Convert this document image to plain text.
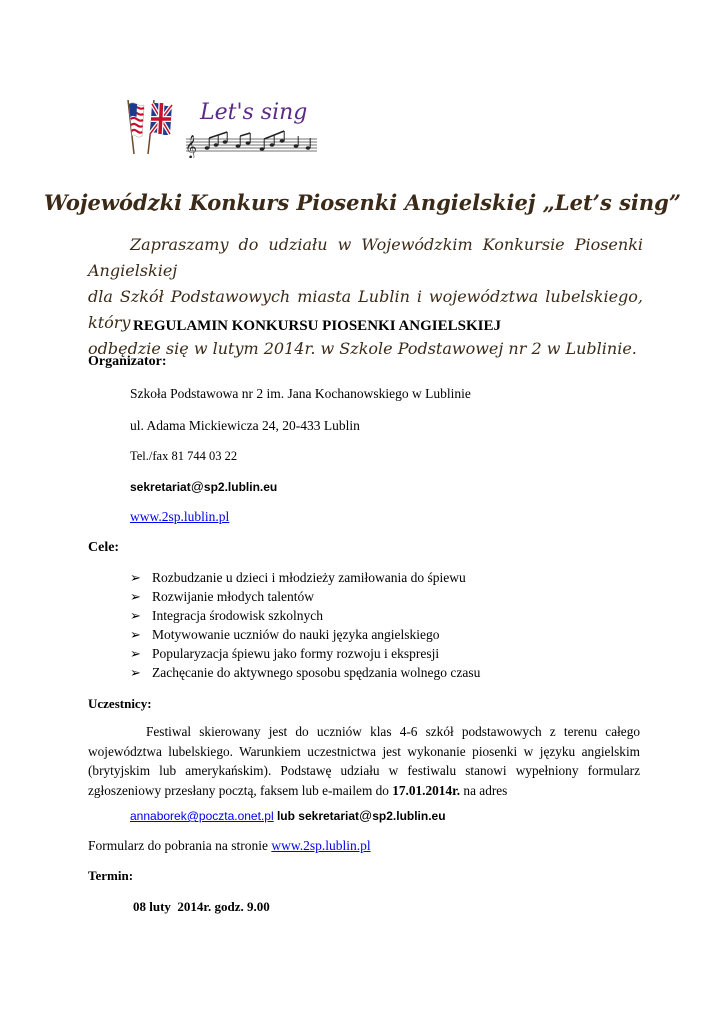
𝄞
Let's sing
Wojewódzki Konkurs Piosenki Angielskiej „Let’s sing”
Zapraszamy do udziału w Wojewódzkim Konkursie Piosenki Angielskiej
dla Szkół Podstawowych miasta Lublin i województwa lubelskiego, który
odbędzie się w lutym 2014r. w Szkole Podstawowej nr 2 w Lublinie.
REGULAMIN KONKURSU PIOSENKI ANGIELSKIEJ
Organizator:
Szkoła Podstawowa nr 2 im. Jana Kochanowskiego w Lublinie
ul. Adama Mickiewicza 24, 20-433 Lublin
Tel./fax 81 744 03 22
sekretariat@sp2.lublin.eu
www.2sp.lublin.pl
Cele:
➢ Rozbudzanie u dzieci i młodzieży zamiłowania do śpiewu
➢ Rozwijanie młodych talentów
➢ Integracja środowisk szkolnych
➢ Motywowanie uczniów do nauki języka angielskiego
➢ Popularyzacja śpiewu jako formy rozwoju i ekspresji
➢ Zachęcanie do aktywnego sposobu spędzania wolnego czasu
Uczestnicy:
Festiwal skierowany jest do uczniów klas 4-6 szkół podstawowych z terenu całego województwa lubelskiego. Warunkiem uczestnictwa jest wykonanie piosenki w języku angielskim (brytyjskim lub amerykańskim). Podstawę udziału w festiwalu stanowi wypełniony formularz zgłoszeniowy przesłany pocztą, faksem lub e-mailem do 17.01.2014r. na adres
annaborek@poczta.onet.pl lub sekretariat@sp2.lublin.eu
Formularz do pobrania na stronie www.2sp.lublin.pl
Termin:
08 luty  2014r. godz. 9.00
